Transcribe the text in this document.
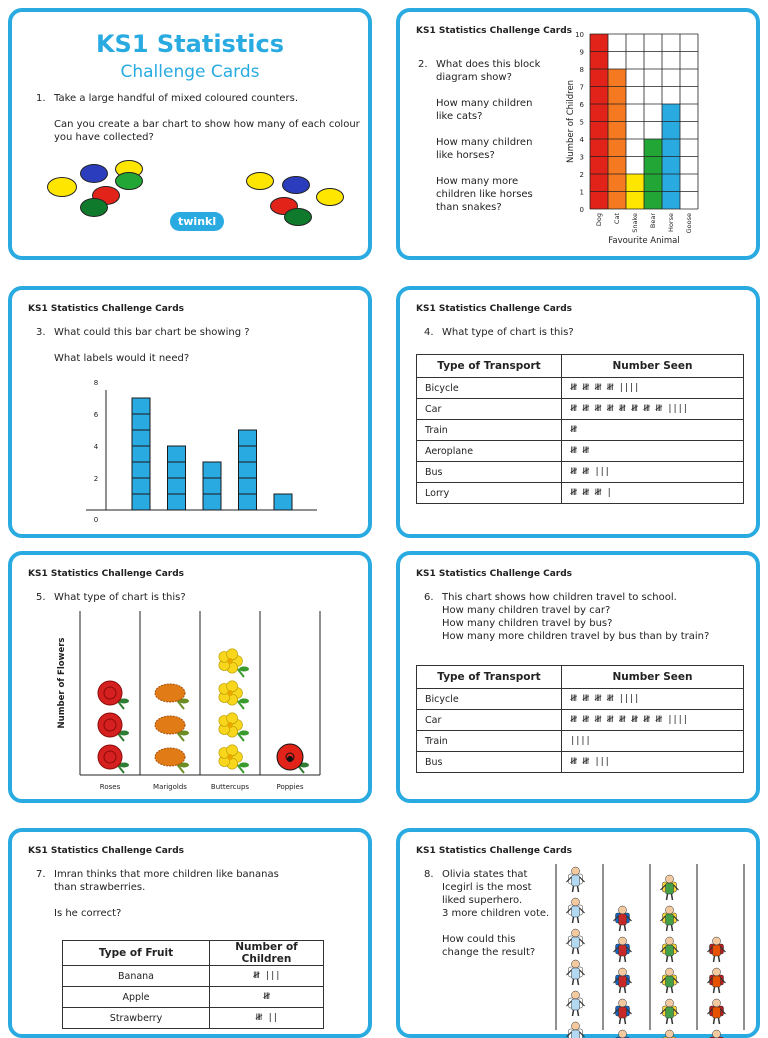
KS1 Statistics
Challenge Cards
1. Take a large handful of mixed coloured counters.
Can you create a bar chart to show how many of each colour
you have collected?
twinkl
KS1 Statistics Challenge Cards
2. What does this block
diagram show?
How many children
like cats?
How many children
like horses?
How many more
children like horses
than snakes?	0
1
2
3
4
5
6
7
8
9
10
Dog Cat Snake Bear Horse Goose
Favourite Animal
Number of Children
KS1 Statistics Challenge Cards
3. What could this bar chart be showing ?
What labels would it need?
0
2
4
6
8
KS1 Statistics Challenge Cards
4. What type of chart is this?
Type of Transport	Number Seen
Bicycle	𝍸 𝍸 𝍸 𝍸 ||||
Car	𝍸 𝍸 𝍸 𝍸 𝍸 𝍸 𝍸 𝍸 ||||
Train	𝍸
Aeroplane	𝍸 𝍸
Bus	𝍸 𝍸 |||
Lorry	𝍸 𝍸 𝍸 |
KS1 Statistics Challenge Cards
5. What type of chart is this?
Number of Flowers
Roses	Marigolds	Buttercups	Poppies
KS1 Statistics Challenge Cards
6. This chart shows how children travel to school.
How many children travel by car?
How many children travel by bus?
How many more children travel by bus than by train?
Type of Transport	Number Seen
Bicycle	𝍸 𝍸 𝍸 𝍸 ||||
Car	𝍸 𝍸 𝍸 𝍸 𝍸 𝍸 𝍸 𝍸 ||||
Train	||||
Bus	𝍸 𝍸 |||
KS1 Statistics Challenge Cards
7. Imran thinks that more children like bananas
than strawberries.
Is he correct?
Type of Fruit	Number of Children
Banana	𝍸 |||
Apple	𝍸
Strawberry	𝍸 ||
KS1 Statistics Challenge Cards
8. Olivia states that
Icegirl is the most
liked superhero.
3 more children vote.
How could this
change the result?
